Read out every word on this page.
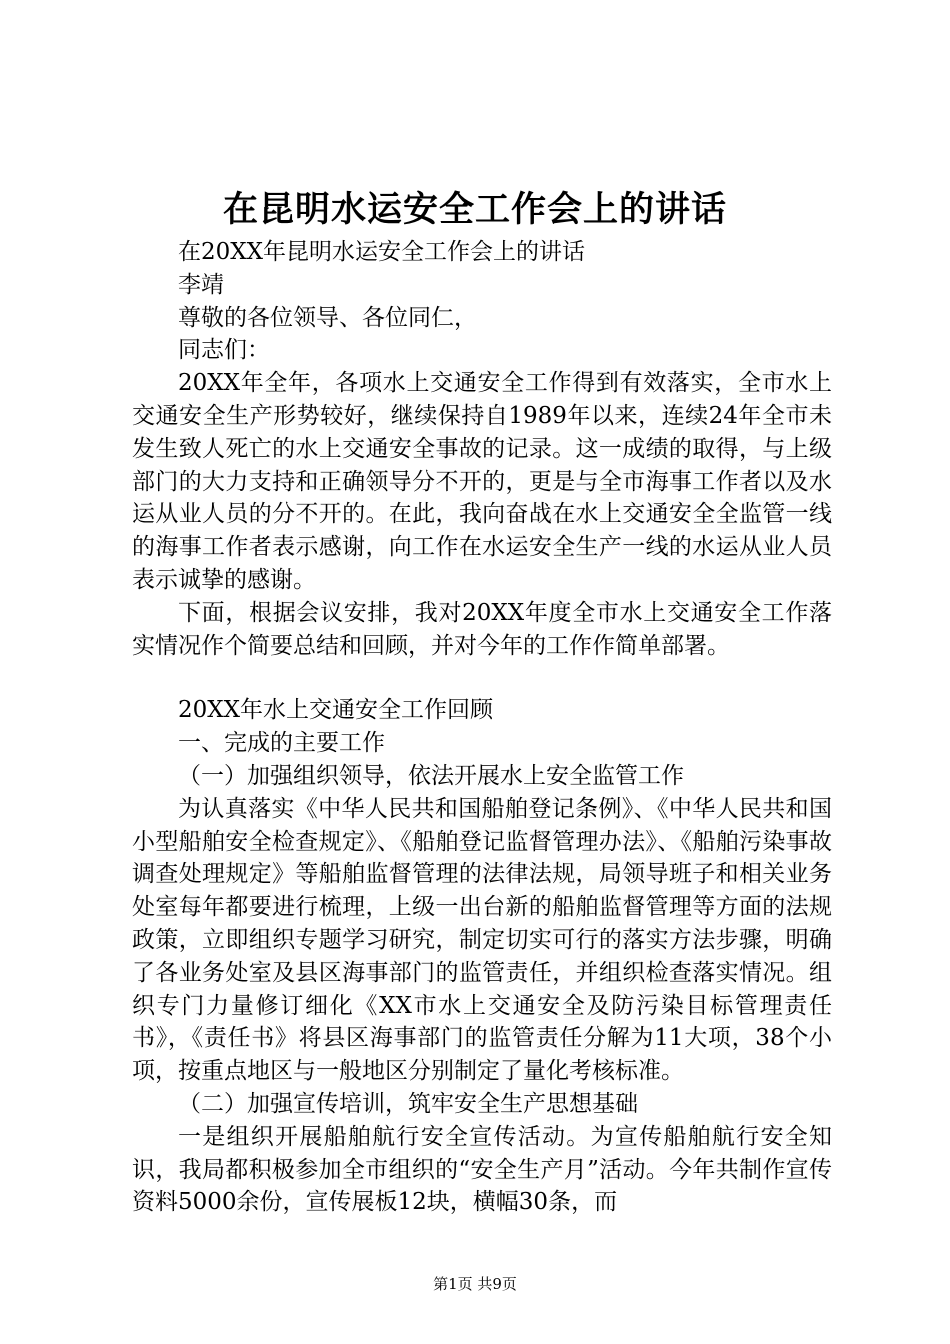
在昆明水运安全工作会上的讲话

在20XX年昆明水运安全工作会上的讲话

李靖

尊敬的各位领导、各位同仁，

同志们：

20XX年全年，各项水上交通安全工作得到有效落实，全市水上交通安全生产形势较好，继续保持自1989年以来，连续24年全市未发生致人死亡的水上交通安全事故的记录。这一成绩的取得，与上级部门的大力支持和正确领导分不开的，更是与全市海事工作者以及水运从业人员的分不开的。在此，我向奋战在水上交通安全全监管一线的海事工作者表示感谢，向工作在水运安全生产一线的水运从业人员表示诚挚的感谢。

下面，根据会议安排，我对20XX年度全市水上交通安全工作落实情况作个简要总结和回顾，并对今年的工作作简单部署。

20XX年水上交通安全工作回顾

一、完成的主要工作

（一）加强组织领导，依法开展水上安全监管工作

为认真落实《中华人民共和国船舶登记条例》、《中华人民共和国小型船舶安全检查规定》、《船舶登记监督管理办法》、《船舶污染事故调查处理规定》等船舶监督管理的法律法规，局领导班子和相关业务处室每年都要进行梳理，上级一出台新的船舶监督管理等方面的法规政策，立即组织专题学习研究，制定切实可行的落实方法步骤，明确了各业务处室及县区海事部门的监管责任，并组织检查落实情况。组织专门力量修订细化《XX市水上交通安全及防污染目标管理责任书》，《责任书》将县区海事部门的监管责任分解为11大项，38个小项，按重点地区与一般地区分别制定了量化考核标准。

（二）加强宣传培训，筑牢安全生产思想基础

一是组织开展船舶航行安全宣传活动。为宣传船舶航行安全知识，我局都积极参加全市组织的“安全生产月”活动。今年共制作宣传资料5000余份，宣传展板12块，横幅30条，而

第1页 共9页
